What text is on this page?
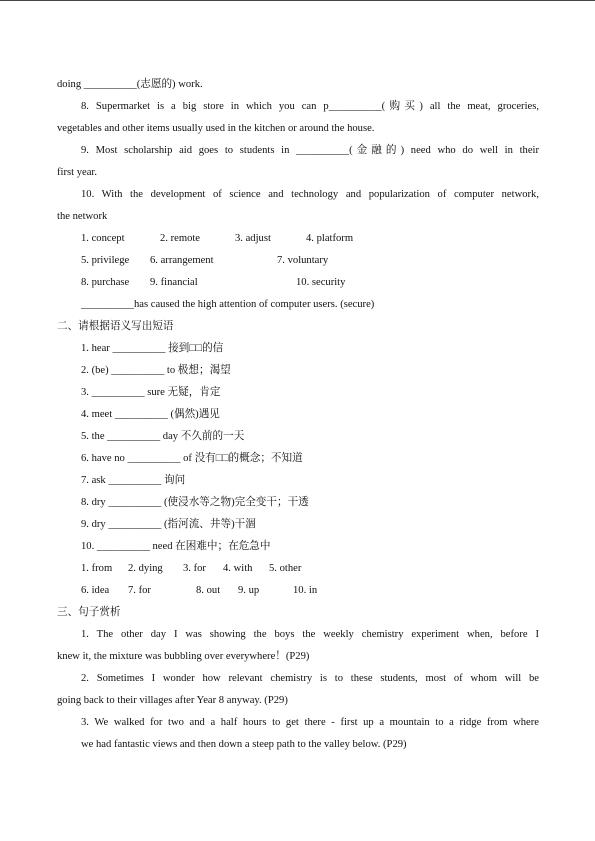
doing __________(志愿的) work.
8. Supermarket is a big store in which you can p__________(购买) all the meat, groceries,
vegetables and other items usually used in the kitchen or around the house.
9. Most scholarship aid goes to students in __________(金融的) need who do well in their
first year.
10. With the development of science and technology and popularization of computer network,
the network
1. concept	2. remote	3. adjust	4. platform
5. privilege 6. arrangement	7. voluntary
8. purchase 9. financial	10. security
__________has caused the high attention of computer users. (secure)
二、请根据语义写出短语
1. hear __________ 接到□□的信
2. (be) __________ to 极想；渴望
3. __________ sure 无疑，肯定
4. meet __________ (偶然)遇见
5. the __________ day 不久前的一天
6. have no __________ of 没有□□的概念；不知道
7. ask __________ 询问
8. dry __________ (使浸水等之物)完全变干；干透
9. dry __________ (指河流、井等)干涸
10. __________ need 在困难中；在危急中
1. from 2. dying 3. for 4. with 5. other
6. idea 7. for	8. out 9. up	10. in
三、句子赏析
1. The other day I was showing the boys the weekly chemistry experiment when, before I
knew it, the mixture was bubbling over everywhere！(P29)
2. Sometimes I wonder how relevant chemistry is to these students, most of whom will be
going back to their villages after Year 8 anyway. (P29)
3. We walked for two and a half hours to get there - first up a mountain to a ridge from where
we had fantastic views and then down a steep path to the valley below. (P29)
